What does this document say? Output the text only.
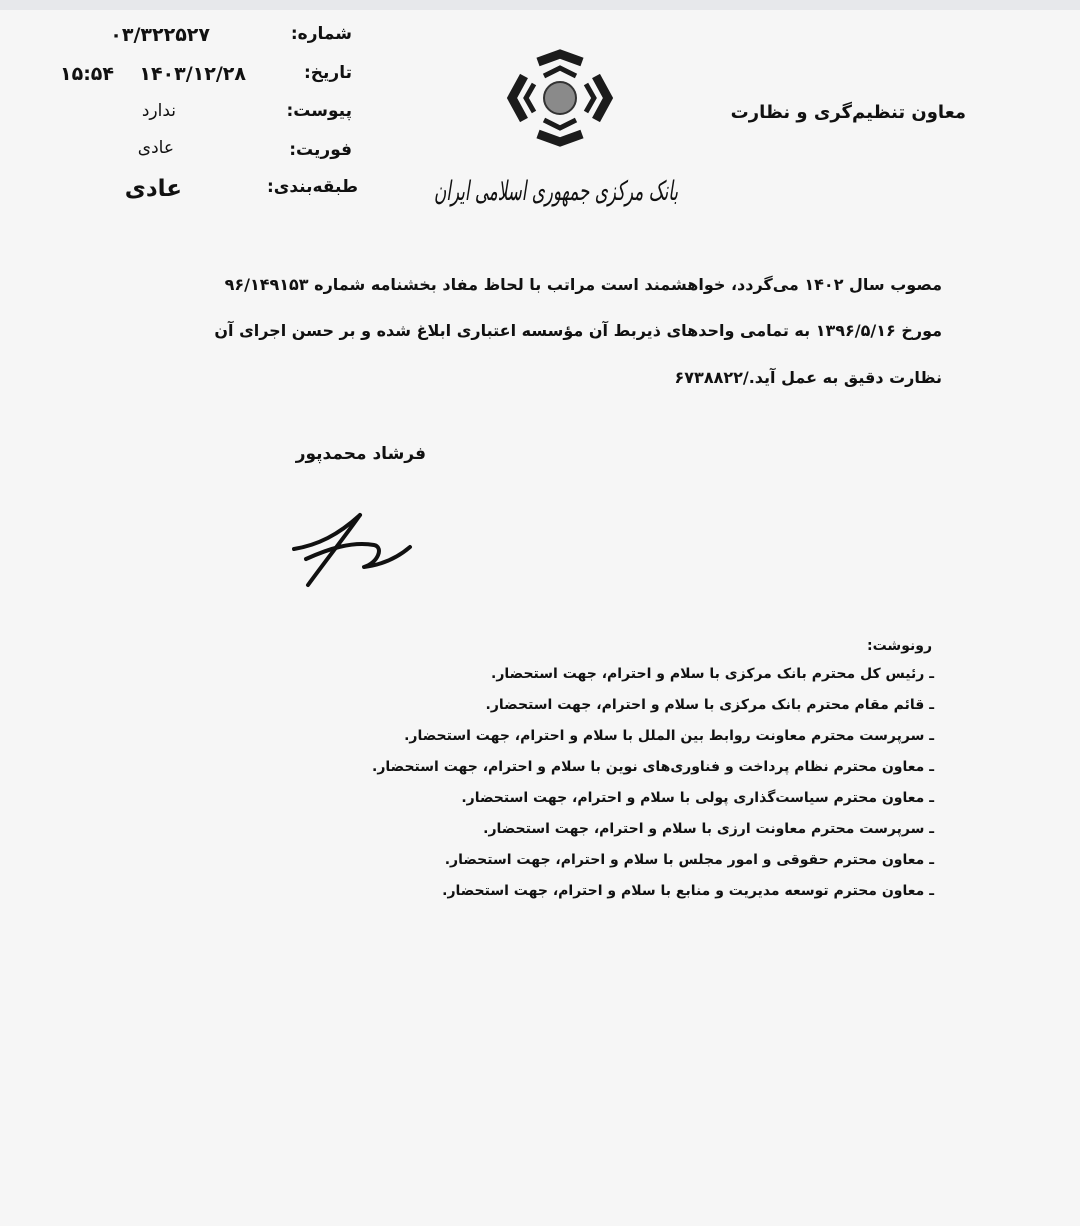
شماره:
تاریخ:
پیوست:
فوریت:
طبقه‌بندی:
۰۳/۳۲۲۵۲۷
۱۴۰۳/۱۲/۲۸
۱۵:۵۴
ندارد
عادی
عادی	بانک مرکزی جمهوری اسلامی ایران
معاون تنظیم‌گری و نظارت
مصوب سال ۱۴۰۲ می‌گردد، خواهشمند است مراتب با لحاظ مفاد بخشنامه شماره ۹۶/۱۴۹۱۵۳
مورخ ۱۳۹۶/۵/۱۶ به تمامی واحدهای ذیربط آن مؤسسه اعتباری ابلاغ شده و بر حسن اجرای آن
نظارت دقیق به عمل آید./۶۷۳۸۸۲۲
فرشاد محمدپور
رونوشت:
ـ رئیس کل محترم بانک مرکزی با سلام و احترام، جهت استحضار.
ـ قائم مقام محترم بانک مرکزی با سلام و احترام، جهت استحضار.
ـ سرپرست محترم معاونت روابط بین الملل با سلام و احترام، جهت استحضار.
ـ معاون محترم نظام پرداخت و فناوری‌های نوین با سلام و احترام، جهت استحضار.
ـ معاون محترم سیاست‌گذاری پولی با سلام و احترام، جهت استحضار.
ـ سرپرست محترم معاونت ارزی با سلام و احترام، جهت استحضار.
ـ معاون محترم حقوقی و امور مجلس با سلام و احترام، جهت استحضار.
ـ معاون محترم توسعه مدیریت و منابع با سلام و احترام، جهت استحضار.
